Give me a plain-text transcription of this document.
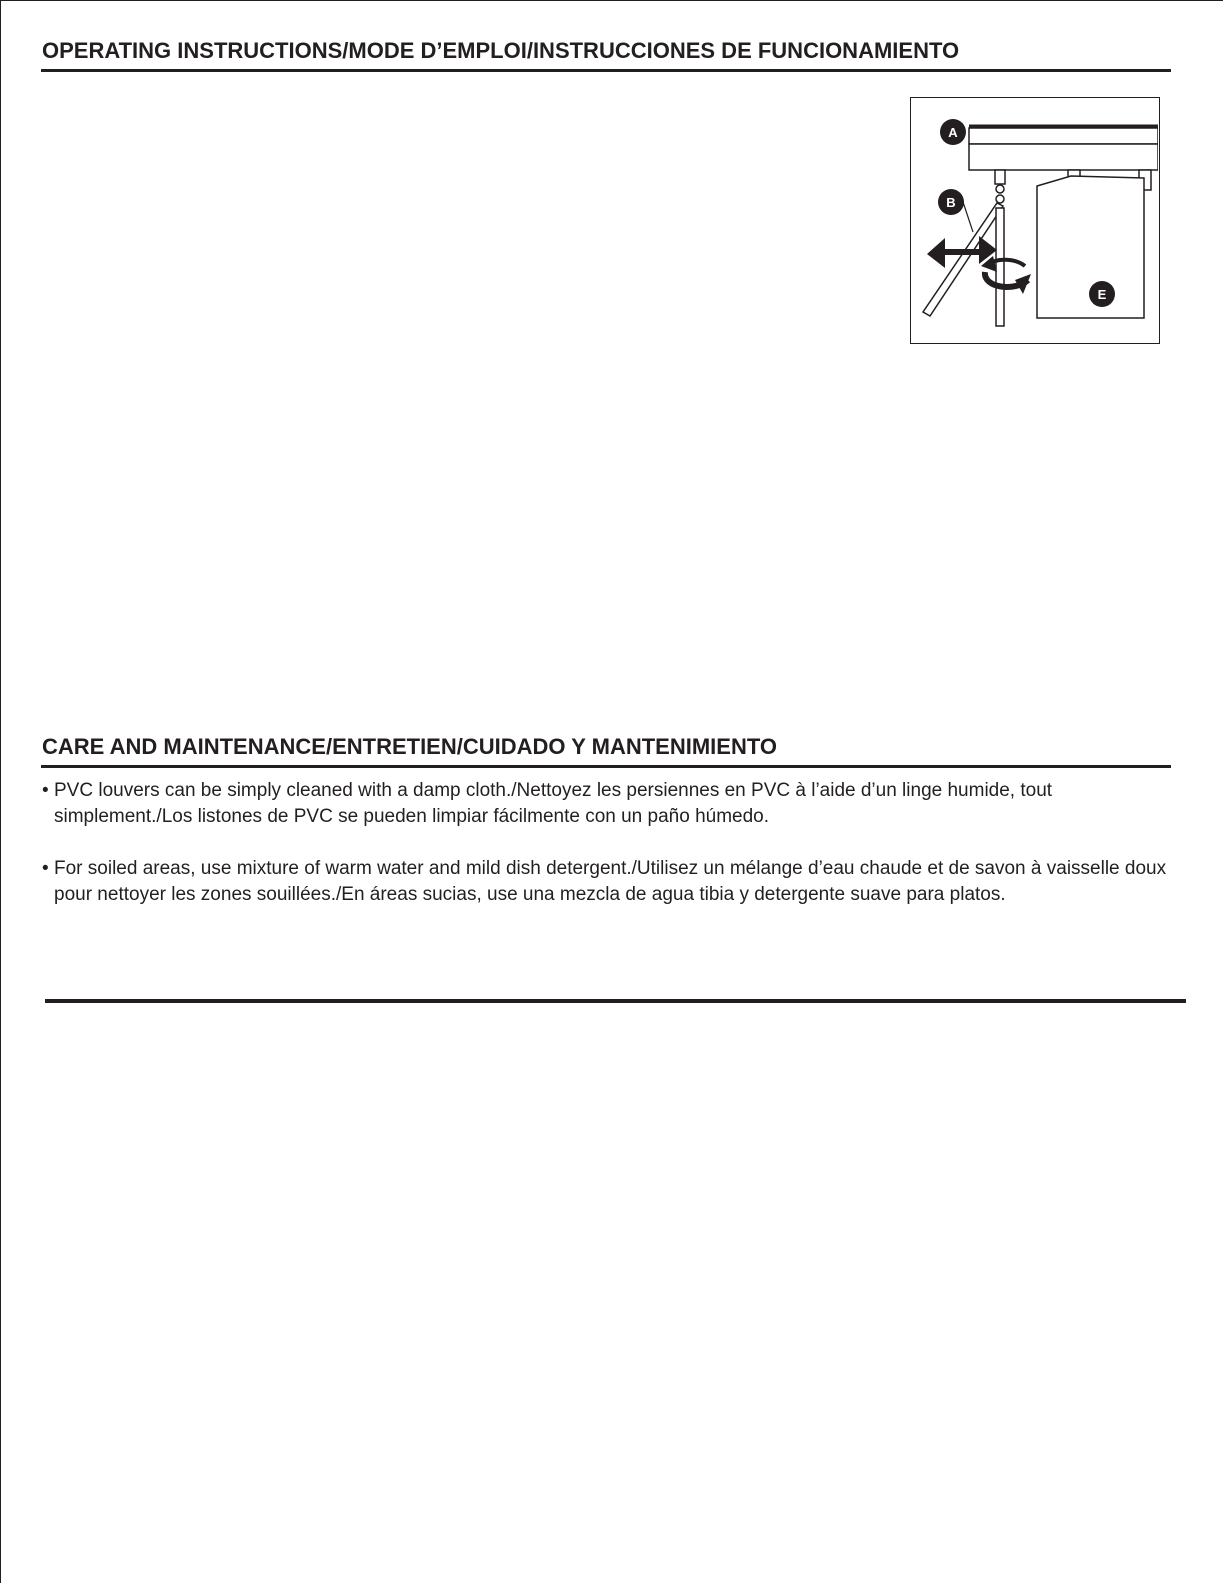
OPERATING INSTRUCTIONS/MODE D’EMPLOI/INSTRUCCIONES DE FUNCIONAMIENTO
A
B
E
CARE AND MAINTENANCE/ENTRETIEN/CUIDADO Y MANTENIMIENTO

• PVC louvers can be simply cleaned with a damp cloth./Nettoyez les persiennes en PVC à l’aide d’un linge humide, tout simplement./Los listones de PVC se pueden limpiar fácilmente con un paño húmedo.

• For soiled areas, use mixture of warm water and mild dish detergent./Utilisez un mélange d’eau chaude et de savon à vaisselle doux pour nettoyer les zones souillées./En áreas sucias, use una mezcla de agua tibia y detergente suave para platos.
